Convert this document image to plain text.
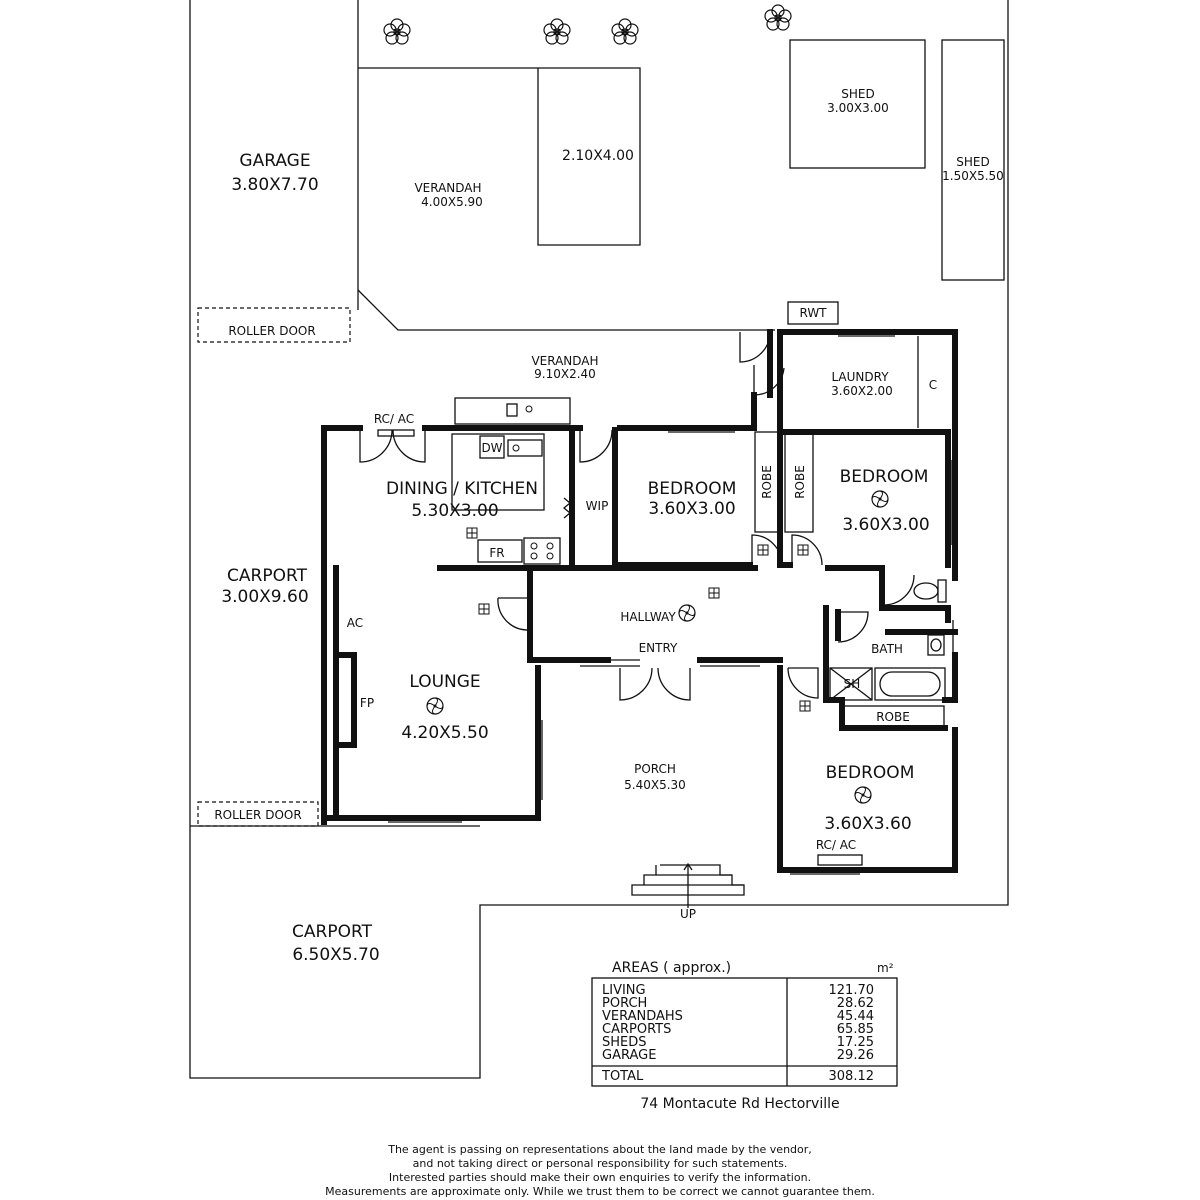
GARAGE
3.80X7.70	VERANDAH
4.00X5.90
2.10X4.00
SHED
3.00X3.00
SHED
1.50X5.50
ROLLER DOOR
RWT
VERANDAH
9.10X2.40	LAUNDRY
3.60X2.00	C
RC/ AC
DW
DINING / KITCHEN
5.30X3.00	WIP
FR
BEDROOM
3.60X3.00
ROBE ROBE BEDROOM
3.60X3.00
CARPORT
3.00X9.60
AC
FP
LOUNGE
4.20X5.50
HALLWAY
ENTRY	BATH
SH
ROBE
BEDROOM
3.60X3.60
RC/ AC
PORCH
5.40X5.30
UP
ROLLER DOOR
CARPORT
6.50X5.70
AREAS ( approx.)	m²
LIVING	121.70
PORCH	28.62
VERANDAHS	45.44
CARPORTS	65.85
SHEDS	17.25
GARAGE	29.26
TOTAL	308.12
74 Montacute Rd Hectorville
The agent is passing on representations about the land made by the vendor,
and not taking direct or personal responsibility for such statements.
Interested parties should make their own enquiries to verify the information.
Measurements are approximate only. While we trust them to be correct we cannot guarantee them.
